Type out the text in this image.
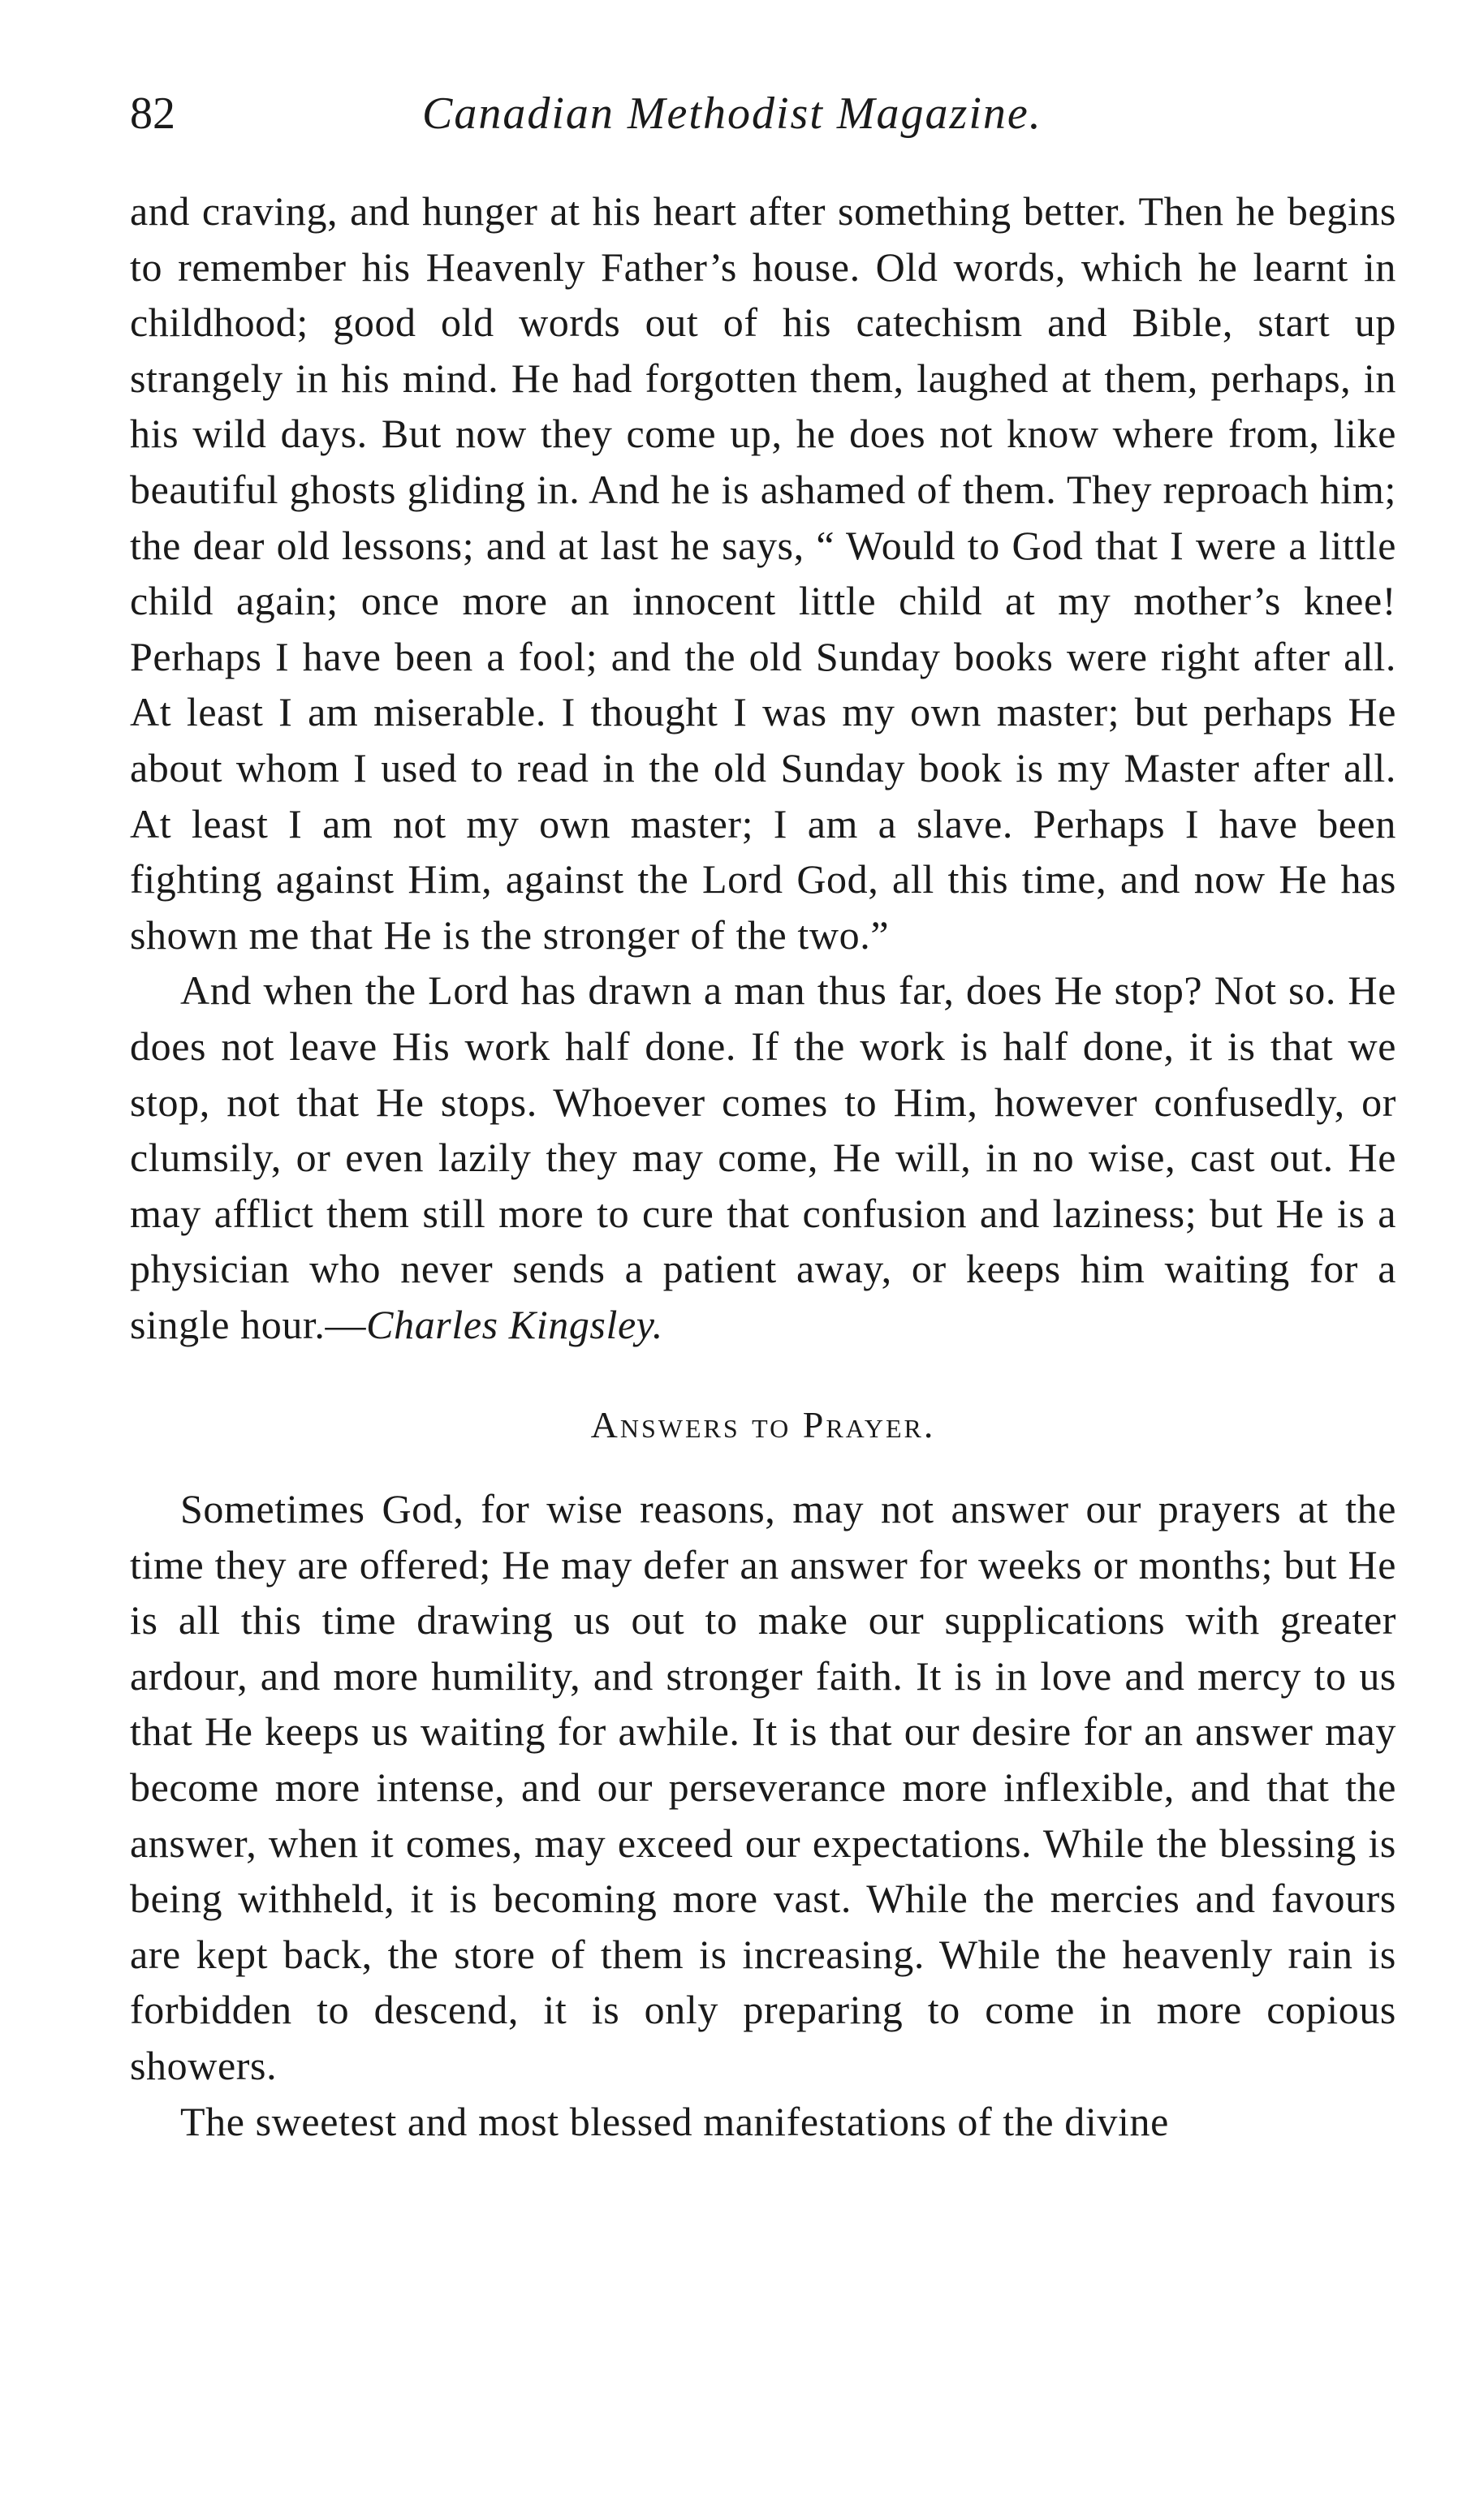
82	Canadian Methodist Magazine.

and craving, and hunger at his heart after something better. Then he begins to remember his Heavenly Father’s house. Old words, which he learnt in childhood; good old words out of his catechism and Bible, start up strangely in his mind. He had forgotten them, laughed at them, perhaps, in his wild days. But now they come up, he does not know where from, like beautiful ghosts gliding in. And he is ashamed of them. They reproach him; the dear old lessons; and at last he says, “ Would to God that I were a little child again; once more an innocent little child at my mother’s knee! Perhaps I have been a fool; and the old Sunday books were right after all. At least I am miserable. I thought I was my own master; but perhaps He about whom I used to read in the old Sunday book is my Master after all. At least I am not my own master; I am a slave. Perhaps I have been fighting against Him, against the Lord God, all this time, and now He has shown me that He is the stronger of the two.”

And when the Lord has drawn a man thus far, does He stop? Not so. He does not leave His work half done. If the work is half done, it is that we stop, not that He stops. Whoever comes to Him, however confusedly, or clumsily, or even lazily they may come, He will, in no wise, cast out. He may afflict them still more to cure that confusion and laziness; but He is a physician who never sends a patient away, or keeps him waiting for a single hour.—Charles Kingsley.

Answers to Prayer.

Sometimes God, for wise reasons, may not answer our prayers at the time they are offered; He may defer an answer for weeks or months; but He is all this time drawing us out to make our supplications with greater ardour, and more humility, and stronger faith. It is in love and mercy to us that He keeps us waiting for awhile. It is that our desire for an answer may become more intense, and our perseverance more inflexible, and that the answer, when it comes, may exceed our expectations. While the blessing is being withheld, it is becoming more vast. While the mercies and favours are kept back, the store of them is increasing. While the heavenly rain is forbidden to descend, it is only preparing to come in more copious showers.

The sweetest and most blessed manifestations of the divine
